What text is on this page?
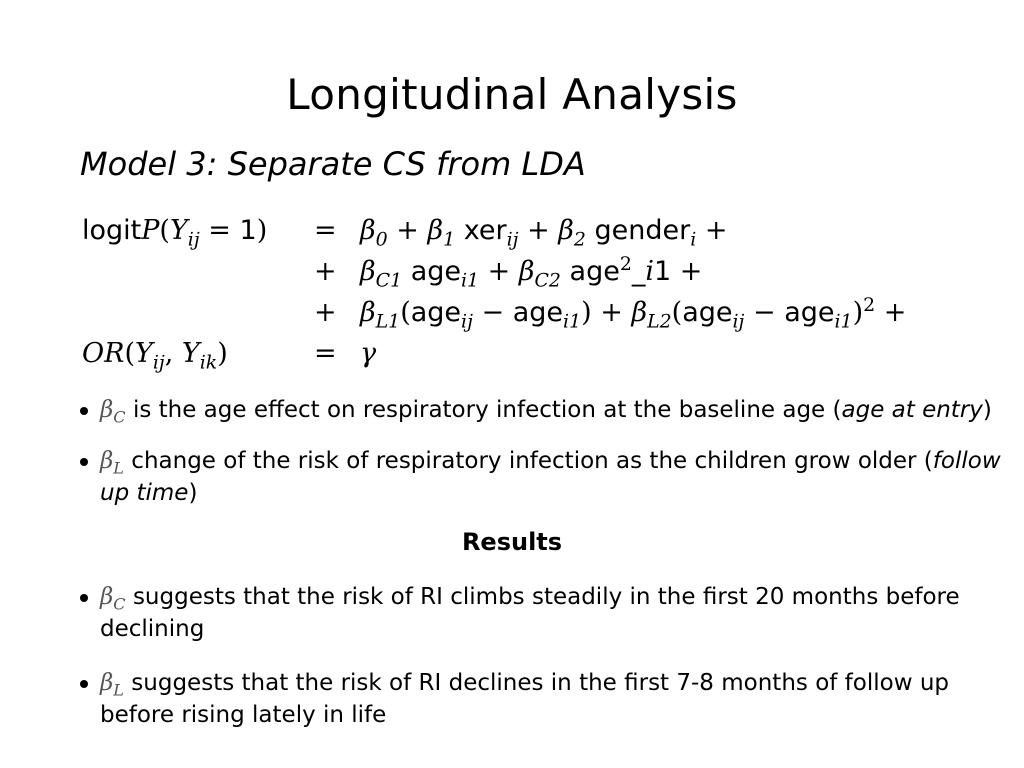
Longitudinal Analysis
Model 3: Separate CS from LDA
$logitP(Y_{ij} = 1) = \beta_0 + \beta_1$ $xer_{ij} + \beta_2$ gender$_i$ +
+ $\beta_{C1}$ $age_{i1} + \beta_{C2}$ age$^2$_i1 +
+ $\beta_{L1}(age_{ij} - age_{i1}) + \beta_{L2}(age_{ij} - age_{i1})^2$ +
$OR(Y_{ij}$, $Y_{ik}$)	= γ

$\beta_C$ is the age effect on respiratory infection at the baseline age (age at entry)

$\beta_L$ change of the risk of respiratory infection as the children grow older (follow up time)

Results

$\beta_C$ suggests that the risk of RI climbs steadily in the first 20 months before declining

$\beta_L$ suggests that the risk of RI declines in the first 7-8 months of follow up before rising lately in life
